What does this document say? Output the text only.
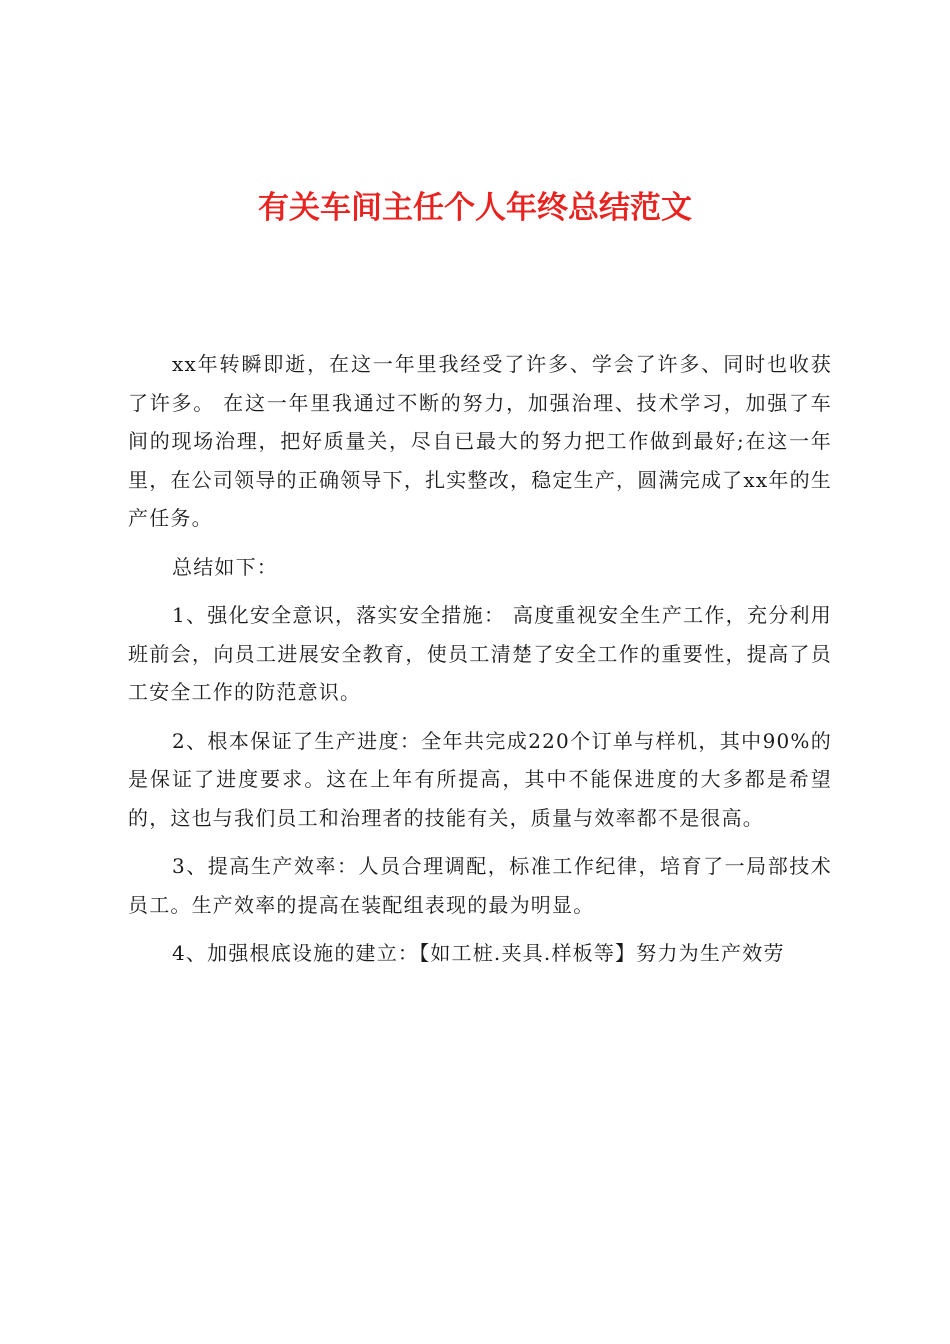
有关车间主任个人年终总结范文

xx年转瞬即逝，在这一年里我经受了许多、学会了许多、同时也收获了许多。 在这一年里我通过不断的努力，加强治理、技术学习，加强了车间的现场治理，把好质量关，尽自已最大的努力把工作做到最好;在这一年里，在公司领导的正确领导下，扎实整改，稳定生产，圆满完成了xx年的生产任务。

总结如下：

1、强化安全意识，落实安全措施： 高度重视安全生产工作，充分利用班前会，向员工进展安全教育，使员工清楚了安全工作的重要性，提高了员工安全工作的防范意识。

2、根本保证了生产进度：全年共完成220个订单与样机，其中90%的是保证了进度要求。这在上年有所提高，其中不能保进度的大多都是希望的，这也与我们员工和治理者的技能有关，质量与效率都不是很高。

3、提高生产效率：人员合理调配，标准工作纪律，培育了一局部技术员工。生产效率的提高在装配组表现的最为明显。

4、加强根底设施的建立：【如工桩.夹具.样板等】努力为生产效劳
